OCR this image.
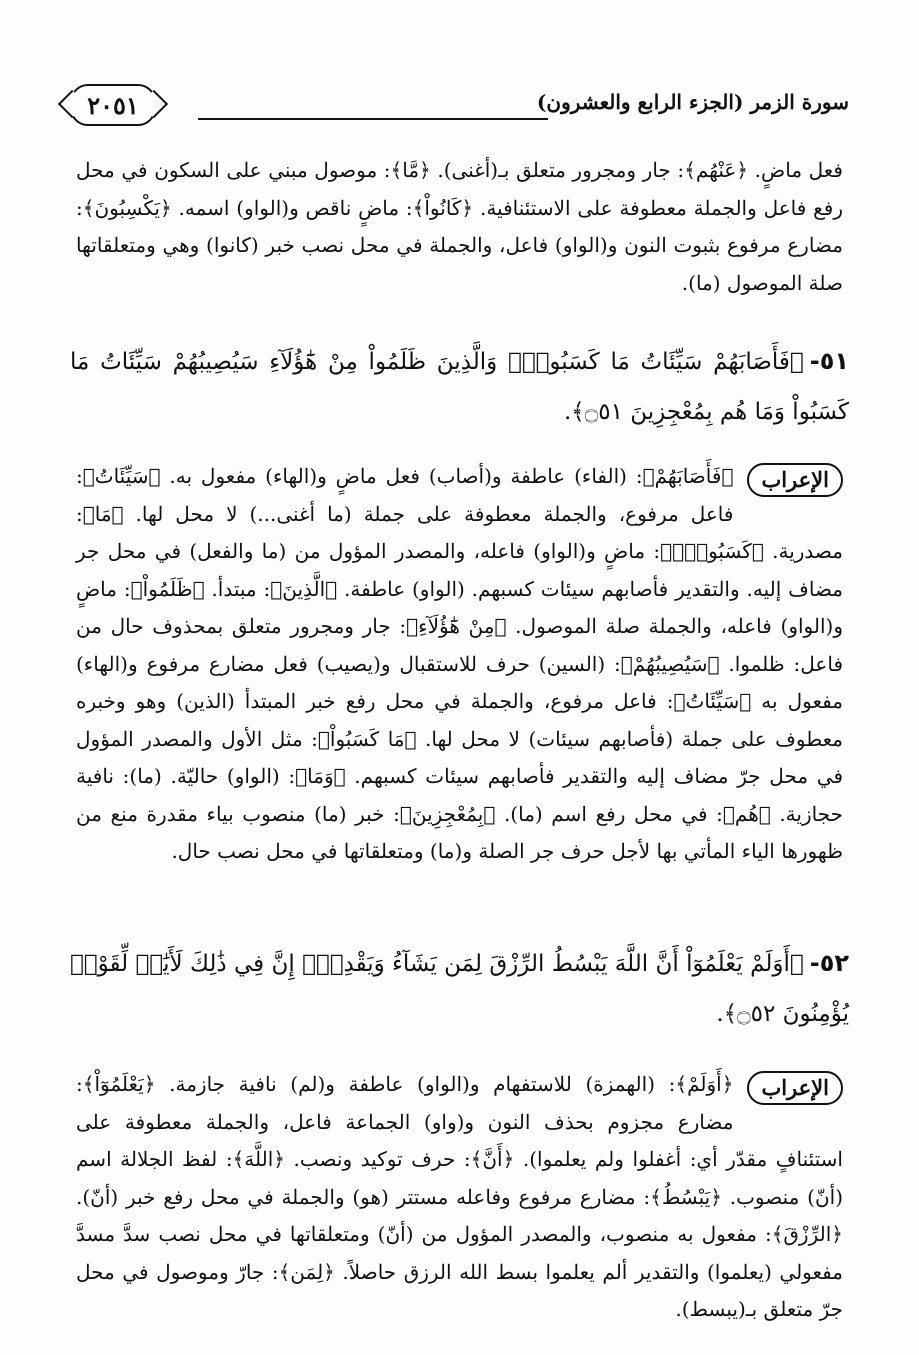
سورة الزمر (الجزء الرابع والعشرون)
٢٠٥١
فعل ماضٍ. ﴿عَنْهُم﴾: جار ومجرور متعلق بـ(أغنى). ﴿مَّا﴾: موصول مبني على السكون في محل رفع فاعل والجملة معطوفة على الاستئنافية. ﴿كَانُواْ﴾: ماضٍ ناقص و(الواو) اسمه. ﴿يَكْسِبُونَ﴾: مضارع مرفوع بثبوت النون و(الواو) فاعل، والجملة في محل نصب خبر (كانوا) وهي ومتعلقاتها صلة الموصول (ما).
٥١-﴿فَأَصَابَهُمْ سَيِّئَاتُ مَا كَسَبُواْۚ وَالَّذِينَ ظَلَمُواْ مِنْ هَٰٓؤُلَآءِ سَيُصِيبُهُمْ سَيِّئَاتُ مَا كَسَبُواْ وَمَا هُم بِمُعْجِزِينَ ۝٥١﴾.
الإعراب
﴿فَأَصَابَهُمْ﴾: (الفاء) عاطفة و(أصاب) فعل ماضٍ و(الهاء) مفعول به. ﴿سَيِّئَاتُ﴾: فاعل مرفوع، والجملة معطوفة على جملة (ما أغنى...) لا محل لها. ﴿مَا﴾: مصدرية. ﴿كَسَبُواْۚ﴾: ماضٍ و(الواو) فاعله، والمصدر المؤول من (ما والفعل) في محل جر مضاف إليه. والتقدير فأصابهم سيئات كسبهم. (الواو) عاطفة. ﴿الَّذِينَ﴾: مبتدأ. ﴿ظَلَمُواْ﴾: ماضٍ و(الواو) فاعله، والجملة صلة الموصول. ﴿مِنْ هَٰٓؤُلَآءِ﴾: جار ومجرور متعلق بمحذوف حال من فاعل: ظلموا. ﴿سَيُصِيبُهُمْ﴾: (السين) حرف للاستقبال و(يصيب) فعل مضارع مرفوع و(الهاء) مفعول به ﴿سَيِّئَاتُ﴾: فاعل مرفوع، والجملة في محل رفع خبر المبتدأ (الذين) وهو وخبره معطوف على جملة (فأصابهم سيئات) لا محل لها. ﴿مَا كَسَبُواْ﴾: مثل الأول والمصدر المؤول في محل جرّ مضاف إليه والتقدير فأصابهم سيئات كسبهم. ﴿وَمَا﴾: (الواو) حاليّة. (ما): نافية حجازية. ﴿هُم﴾: في محل رفع اسم (ما). ﴿بِمُعْجِزِينَ﴾: خبر (ما) منصوب بياء مقدرة منع من ظهورها الياء المأتي بها لأجل حرف جر الصلة و(ما) ومتعلقاتها في محل نصب حال.
٥٢-﴿أَوَلَمْ يَعْلَمُوٓاْ أَنَّ اللَّهَ يَبْسُطُ الرِّزْقَ لِمَن يَشَآءُ وَيَقْدِرُۚ إِنَّ فِي ذَٰلِكَ لَأَيَٰتٖ لِّقَوْمٖ يُؤْمِنُونَ ۝٥٢﴾.
الإعراب
﴿أَوَلَمْ﴾: (الهمزة) للاستفهام و(الواو) عاطفة و(لم) نافية جازمة. ﴿يَعْلَمُوٓاْ﴾: مضارع مجزوم بحذف النون و(واو) الجماعة فاعل، والجملة معطوفة على استئنافٍ مقدّر أي: أغفلوا ولم يعلموا). ﴿أَنَّ﴾: حرف توكيد ونصب. ﴿اللَّهَ﴾: لفظ الجلالة اسم (أنّ) منصوب. ﴿يَبْسُطُ﴾: مضارع مرفوع وفاعله مستتر (هو) والجملة في محل رفع خبر (أنّ). ﴿الرِّزْقَ﴾: مفعول به منصوب، والمصدر المؤول من (أنّ) ومتعلقاتها في محل نصب سدَّ مسدَّ مفعولي (يعلموا) والتقدير ألم يعلموا بسط الله الرزق حاصلاً. ﴿لِمَن﴾: جارّ وموصول في محل جرّ متعلق بـ(يبسط).
